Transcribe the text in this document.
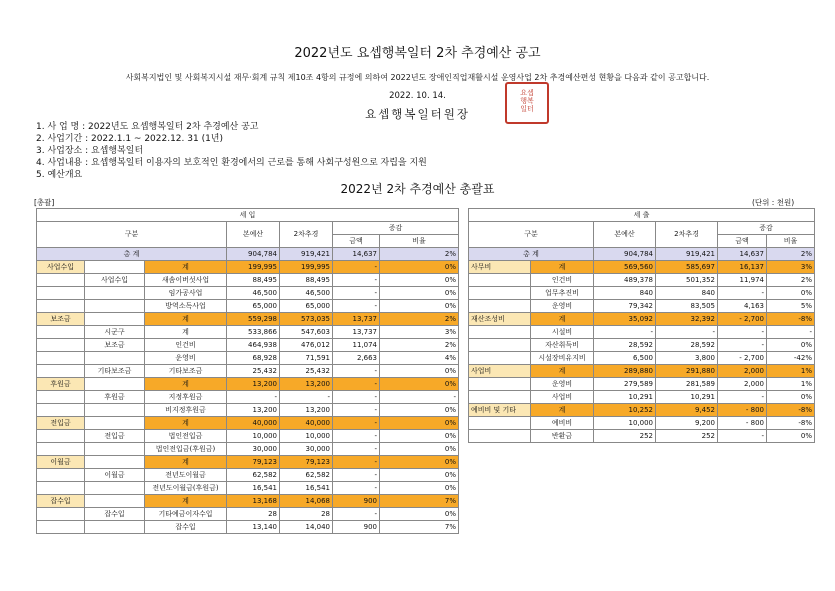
2022년도 요셉행복일터 2차 추경예산 공고
사회복지법인 및 사회복지시설 재무·회계 규칙 제10조 4항의 규정에 의하여 2022년도 장애인직업재활시설 운영사업 2차 추경예산편성 현황을 다음과 같이 공고합니다.
2022. 10. 14.
요셉행복일터원장
요셉
행복
일터
1. 사 업 명 : 2022년도 요셉행복일터 2차 추경예산 공고
2. 사업기간 : 2022.1.1 ~ 2022.12. 31 (1년)
3. 사업장소 : 요셉행복일터
4. 사업내용 : 요셉행복일터 이용자의 보호적인 환경에서의 근로를 통해 사회구성원으로 자립을 지원
5. 예산개요
2022년 2차 추경예산 총괄표
[총괄]	(단위 : 천원)
세 입						
구분			본예산	2차추경	증감	
					금액	비율
총 계			904,784	919,421	14,637	2%
사업수입		계	199,995	199,995	-	0%
	사업수입	새솜이버섯사업	88,495	88,495	-	0%
		임가공사업	46,500	46,500	-	0%
		방역소독사업	65,000	65,000	-	0%
보조금		계	559,298	573,035	13,737	2%
	시군구	계	533,866	547,603	13,737	3%
	보조금	인건비	464,938	476,012	11,074	2%
		운영비	68,928	71,591	2,663	4%
	기타보조금	기타보조금	25,432	25,432	-	0%
후원금		계	13,200	13,200	-	0%
	후원금	지정후원금	-	-	-	-
		비지정후원금	13,200	13,200	-	0%
전입금		계	40,000	40,000	-	0%
	전입금	법인전입금	10,000	10,000	-	0%
		법인전입금(후원금)	30,000	30,000	-	0%
이월금		계	79,123	79,123	-	0%
	이월금	전년도이월금	62,582	62,582	-	0%
		전년도이월금(후원금)	16,541	16,541	-	0%
잡수입		계	13,168	14,068	900	7%
	잡수입	기타예금이자수입	28	28	-	0%
		잡수입	13,140	14,040	900	7%
세 출					
구분		본예산	2차추경	증감	
				금액	비율
총 계		904,784	919,421	14,637	2%
사무비	계	569,560	585,697	16,137	3%
	인건비	489,378	501,352	11,974	2%
	업무추진비	840	840	-	0%
	운영비	79,342	83,505	4,163	5%
재산조성비	계	35,092	32,392	- 2,700	-8%
	시설비	-	-	-	-
	자산취득비	28,592	28,592	-	0%
	시설장비유지비	6,500	3,800	- 2,700	-42%
사업비	계	289,880	291,880	2,000	1%
	운영비	279,589	281,589	2,000	1%
	사업비	10,291	10,291	-	0%
예비비 및 기타	계	10,252	9,452	- 800	-8%
	예비비	10,000	9,200	- 800	-8%
	반환금	252	252	-	0%
